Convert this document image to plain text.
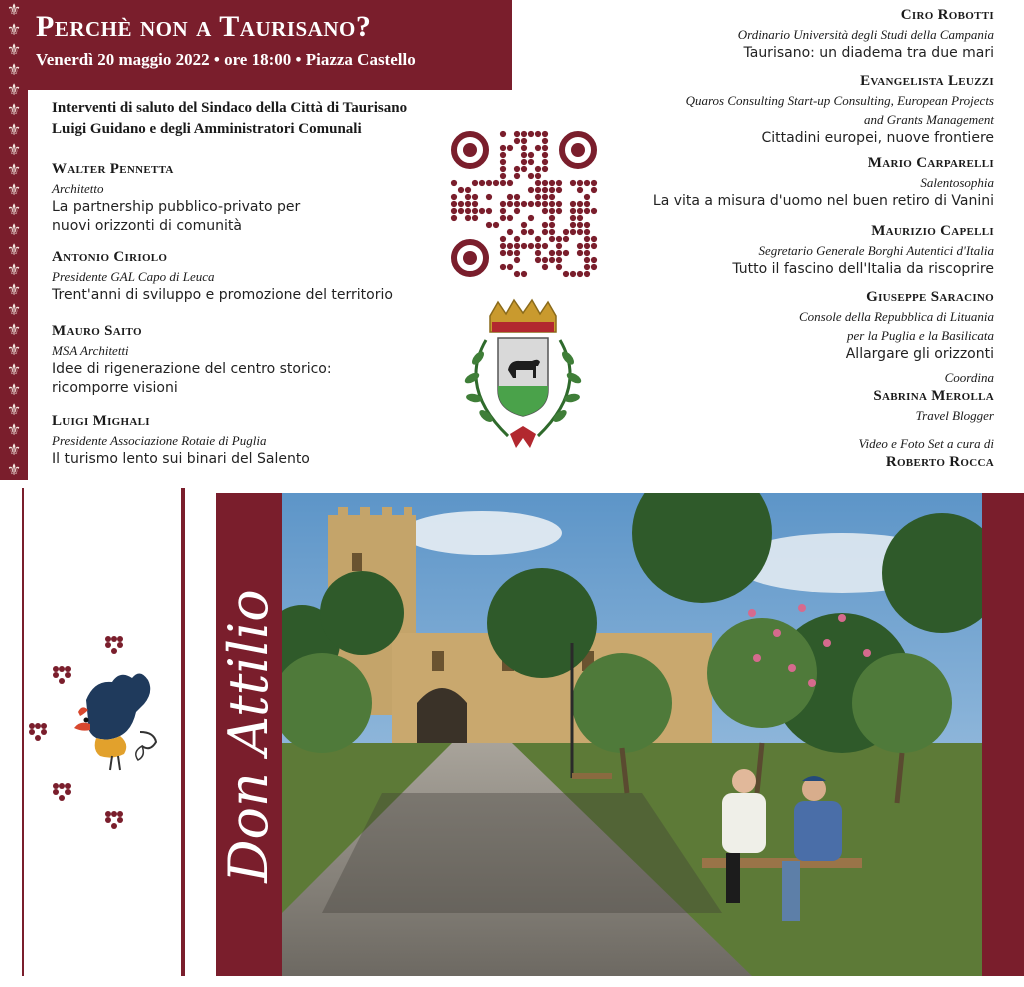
⚜
⚜
⚜
⚜
⚜
⚜
⚜
⚜
⚜
⚜
⚜
⚜
⚜
⚜
⚜
⚜
⚜
⚜
⚜
⚜
⚜
⚜
⚜
⚜
Perchè non a Taurisano?
Venerdì 20 maggio 2022 • ore 18:00 • Piazza Castello
Interventi di saluto del Sindaco della Città di Taurisano
Luigi Guidano e degli Amministratori Comunali
Walter Pennetta
Architetto
La partnership pubblico-privato per
nuovi orizzonti di comunità
Antonio Ciriolo
Presidente GAL Capo di Leuca
Trent'anni di sviluppo e promozione del territorio
Mauro Saito
MSA Architetti
Idee di rigenerazione del centro storico:
ricomporre visioni
Luigi Mighali
Presidente Associazione Rotaie di Puglia
Il turismo lento sui binari del Salento
Ciro Robotti
Ordinario Università degli Studi della Campania
Taurisano: un diadema tra due mari
Evangelista Leuzzi
Quaros Consulting Start-up Consulting, European Projects
and Grants Management
Cittadini europei, nuove frontiere
Mario Carparelli
Salentosophia
La vita a misura d'uomo nel buen retiro di Vanini
Maurizio Capelli
Segretario Generale Borghi Autentici d'Italia
Tutto il fascino dell'Italia da riscoprire
Giuseppe Saracino
Console della Repubblica di Lituania
per la Puglia e la Basilicata
Allargare gli orizzonti
Coordina
Sabrina Merolla
Travel Blogger
Video e Foto Set a cura di
Roberto Rocca
Don Attilio
